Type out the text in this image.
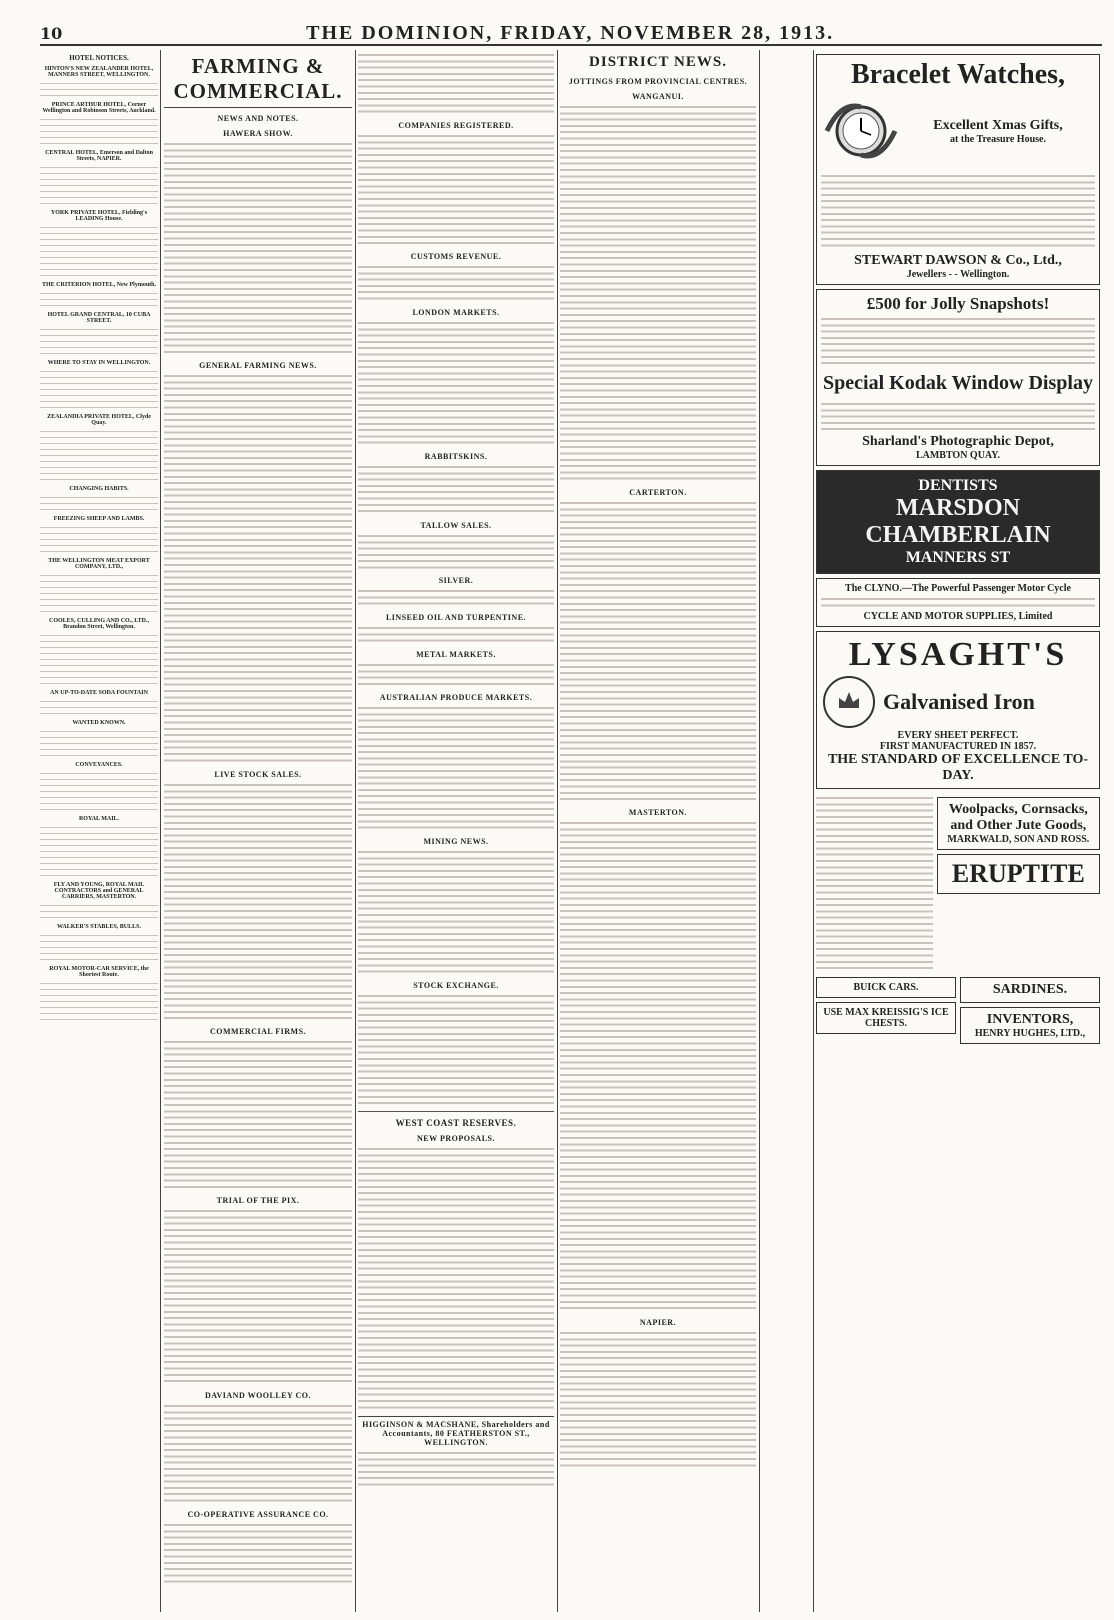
10	THE DOMINION, FRIDAY, NOVEMBER 28, 1913.
HOTEL NOTICES.
HINTON'S NEW ZEALANDER HOTEL, MANNERS STREET, WELLINGTON.
PRINCE ARTHUR HOTEL, Corner Wellington and Robinson Streets, Auckland.
CENTRAL HOTEL, Emerson and Dalton Streets, NAPIER.
YORK PRIVATE HOTEL, Fielding's LEADING House.
THE CRITERION HOTEL, New Plymouth.
HOTEL GRAND CENTRAL, 10 CUBA STREET.
WHERE TO STAY IN WELLINGTON.
ZEALANDIA PRIVATE HOTEL, Clyde Quay.
CHANGING HABITS.
FREEZING SHEEP AND LAMBS.
THE WELLINGTON MEAT EXPORT COMPANY, LTD.,
COOLES, CULLING AND CO., LTD., Brandon Street, Wellington.
AN UP-TO-DATE SODA FOUNTAIN
WANTED KNOWN.
CONVEYANCES.
ROYAL MAIL.
FLY AND YOUNG, ROYAL MAIL CONTRACTORS and GENERAL CARRIERS, MASTERTON.
WALKER'S STABLES, BULLS.
ROYAL MOTOR-CAR SERVICE, the Shortest Route.
FARMING & COMMERCIAL.
NEWS AND NOTES.
HAWERA SHOW.
GENERAL FARMING NEWS.
LIVE STOCK SALES.
COMMERCIAL FIRMS.
TRIAL OF THE PIX.
DAVIAND WOOLLEY CO.
CO-OPERATIVE ASSURANCE CO.
COMPANIES REGISTERED.
CUSTOMS REVENUE.
LONDON MARKETS.
RABBITSKINS.
TALLOW SALES.
SILVER.
LINSEED OIL AND TURPENTINE.
METAL MARKETS.
AUSTRALIAN PRODUCE MARKETS.
MINING NEWS.
STOCK EXCHANGE.
WEST COAST RESERVES.
NEW PROPOSALS.
HIGGINSON & MACSHANE, Shareholders and Accountants, 80 FEATHERSTON ST., WELLINGTON.
DISTRICT NEWS.
JOTTINGS FROM PROVINCIAL CENTRES.
WANGANUI.
CARTERTON.
MASTERTON.
NAPIER.
Bracelet Watches,
Excellent Xmas Gifts,
at the Treasure House.
STEWART DAWSON & Co., Ltd.,
Jewellers - - Wellington.
£500 for Jolly Snapshots!
Special Kodak Window Display
Sharland's Photographic Depot,
LAMBTON QUAY.
DENTISTS
MARSDON
CHAMBERLAIN
MANNERS ST
The CLYNO.—The Powerful Passenger Motor Cycle
CYCLE AND MOTOR SUPPLIES, Limited
LYSAGHT'S
Galvanised Iron
EVERY SHEET PERFECT.
FIRST MANUFACTURED IN 1857.
THE STANDARD OF EXCELLENCE TO-DAY.
Woolpacks, Cornsacks, and Other Jute Goods,
MARKWALD, SON AND ROSS.
ERUPTITE
BUICK CARS.
USE MAX KREISSIG'S ICE CHESTS.
SARDINES.
INVENTORS,
HENRY HUGHES, LTD.,
